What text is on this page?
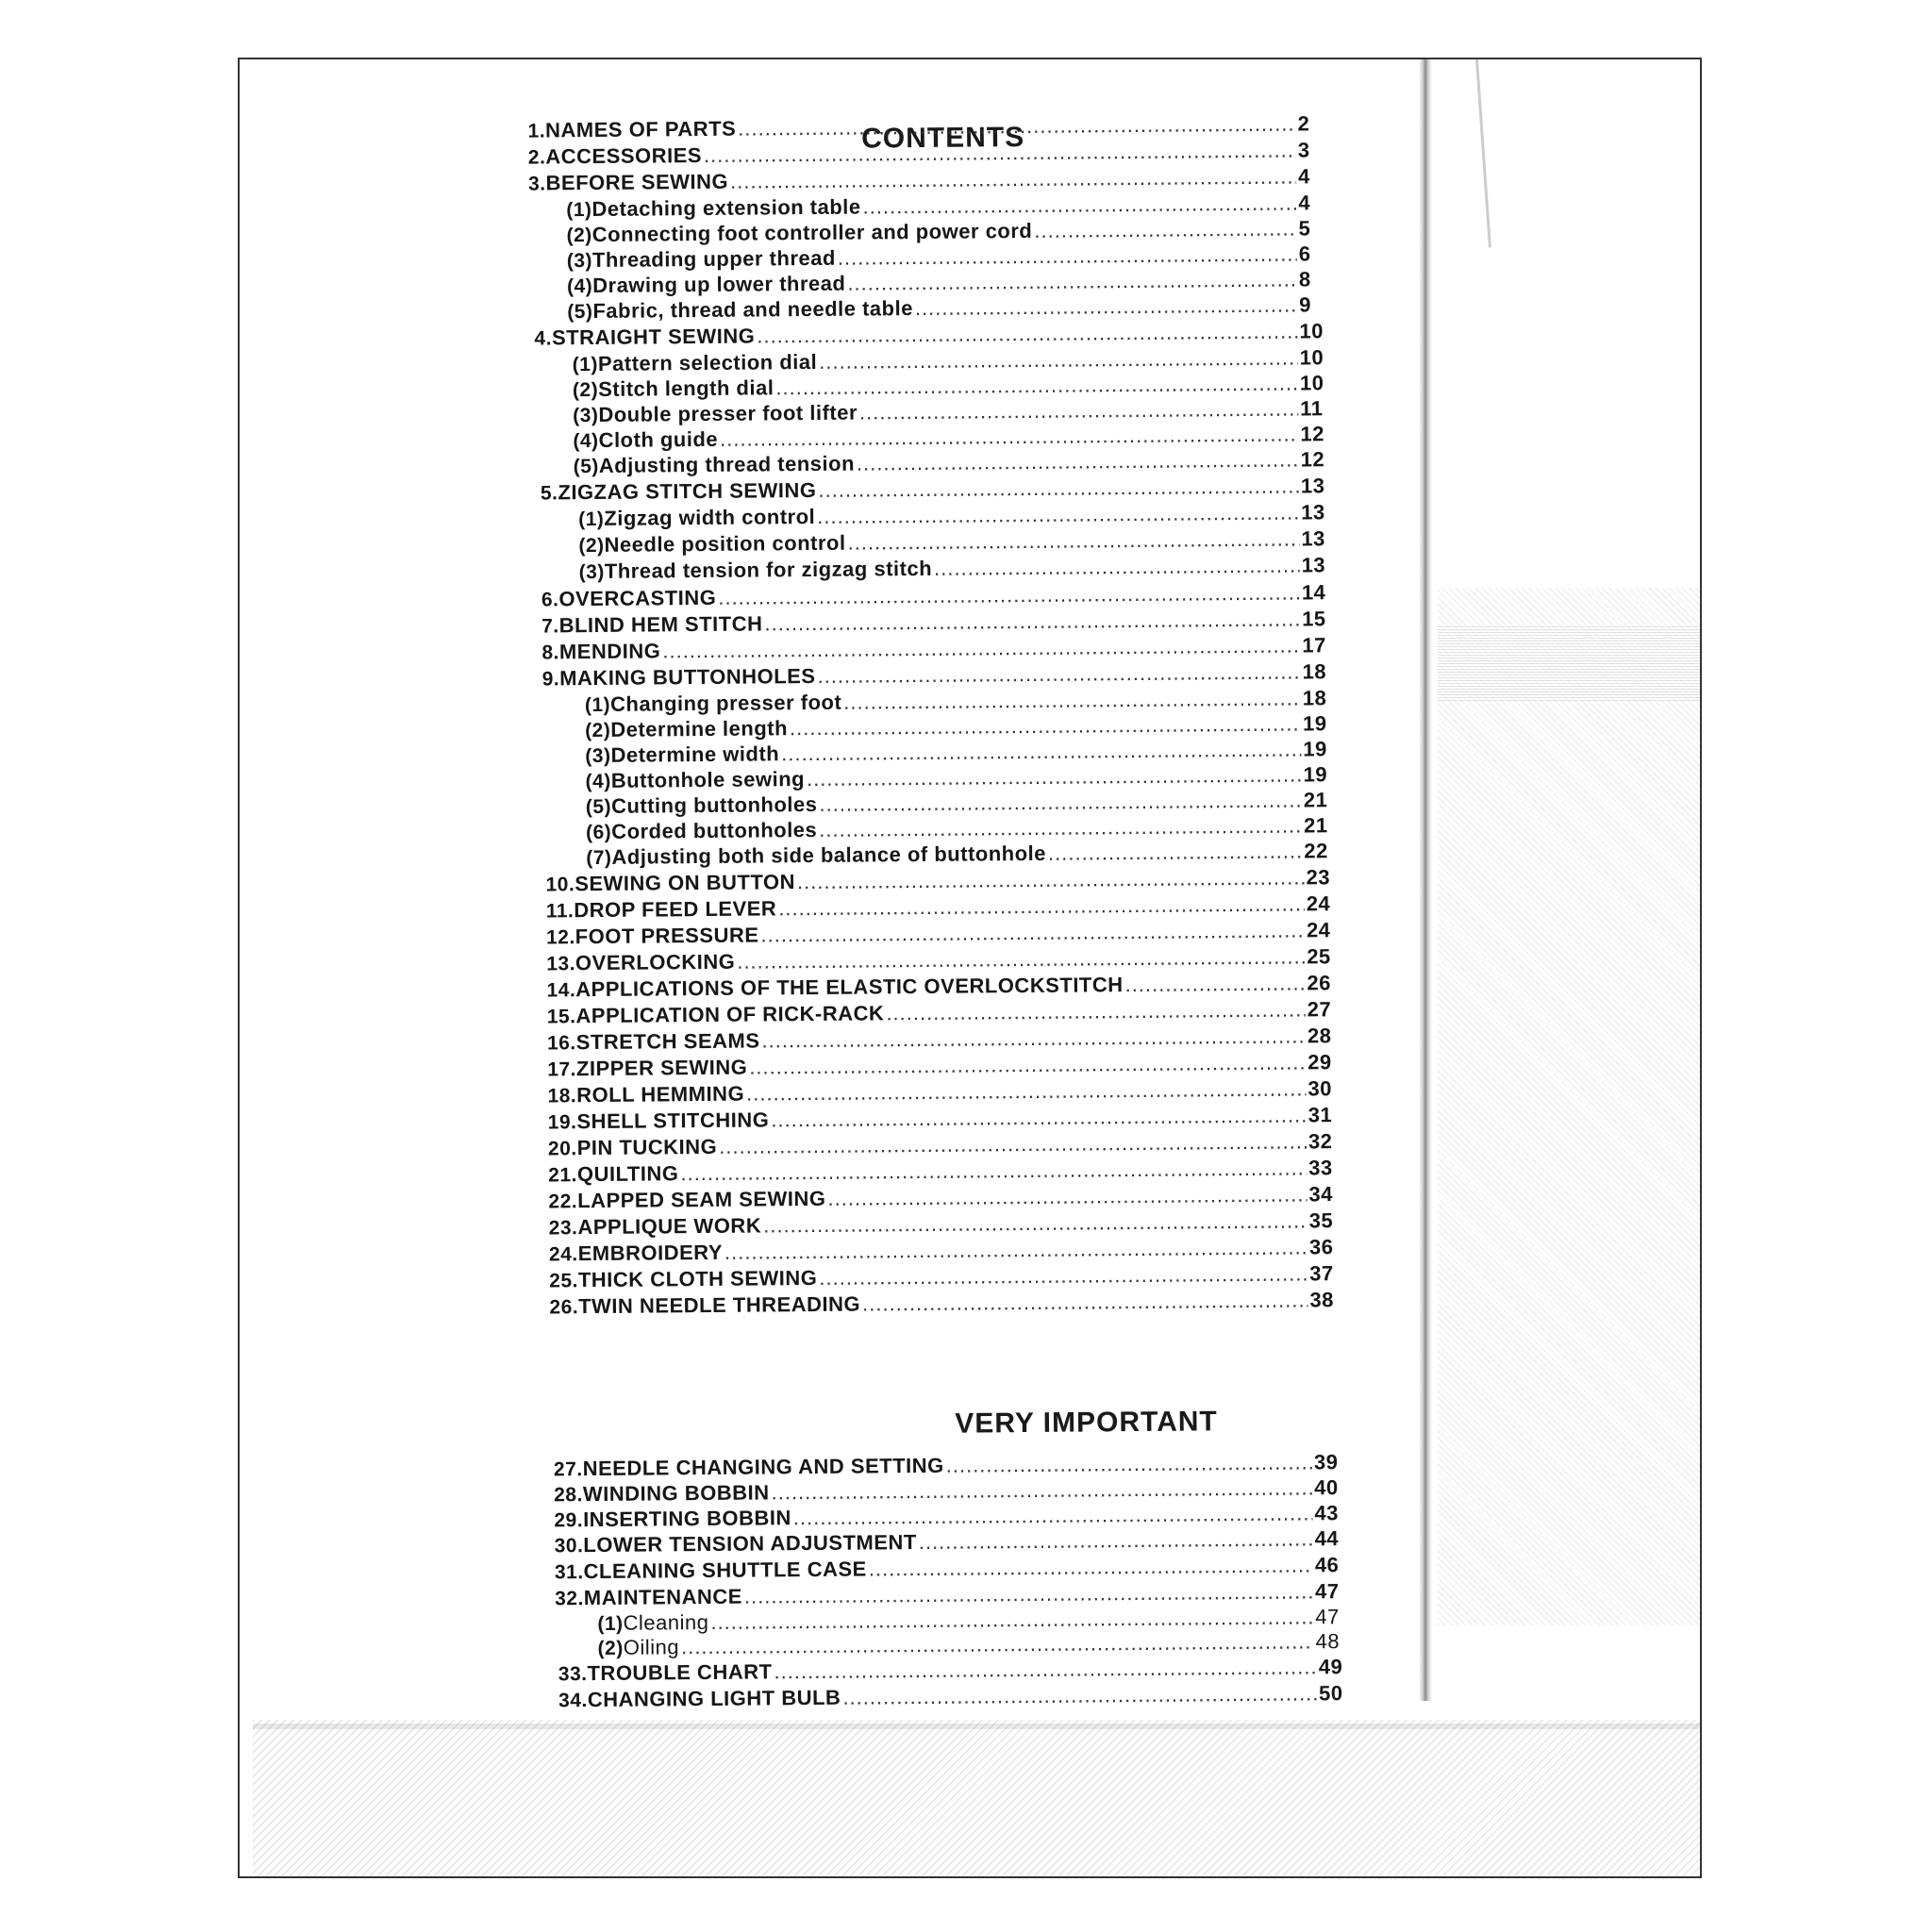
CONTENTS
VERY IMPORTANT
1. NAMES OF PARTS .....	2
2. ACCESSORIES .....	3
3. BEFORE SEWING .....	4
(1) Detaching extension table .....	4
(2) Connecting foot controller and power cord .....	5
(3) Threading upper thread .....	6
(4) Drawing up lower thread .....	8
(5) Fabric, thread and needle table .....	9
4. STRAIGHT SEWING .....	10
(1) Pattern selection dial .....	10
(2) Stitch length dial .....	10
(3) Double presser foot lifter .....	11
(4) Cloth guide .....	12
(5) Adjusting thread tension .....	12
5. ZIGZAG STITCH SEWING .....	13
(1) Zigzag width control .....	13
(2) Needle position control .....	13
(3) Thread tension for zigzag stitch .....	13
6. OVERCASTING .....	14
7. BLIND HEM STITCH .....	15
8. MENDING .....	17
9. MAKING BUTTONHOLES .....	18
(1) Changing presser foot .....	18
(2) Determine length .....	19
(3) Determine width .....	19
(4) Buttonhole sewing .....	19
(5) Cutting buttonholes .....	21
(6) Corded buttonholes .....	21
(7) Adjusting both side balance of buttonhole .....	22
10. SEWING ON BUTTON .....	23
11. DROP FEED LEVER .....	24
12. FOOT PRESSURE .....	24
13. OVERLOCKING .....	25
14. APPLICATIONS OF THE ELASTIC OVERLOCKSTITCH .....	26
15. APPLICATION OF RICK-RACK .....	27
16. STRETCH SEAMS .....	28
17. ZIPPER SEWING .....	29
18. ROLL HEMMING .....	30
19. SHELL STITCHING .....	31
20. PIN TUCKING .....	32
21. QUILTING .....	33
22. LAPPED SEAM SEWING .....	34
23. APPLIQUE WORK .....	35
24. EMBROIDERY .....	36
25. THICK CLOTH SEWING .....	37
26. TWIN NEEDLE THREADING .....	38
27. NEEDLE CHANGING AND SETTING .....	39
28. WINDING BOBBIN .....	40
29. INSERTING BOBBIN .....	43
30. LOWER TENSION ADJUSTMENT .....	44
31. CLEANING SHUTTLE CASE .....	46
32. MAINTENANCE .....	47
(1) Cleaning .....	47
(2) Oiling .....	48
33. TROUBLE CHART .....	49
34. CHANGING LIGHT BULB .....	50
